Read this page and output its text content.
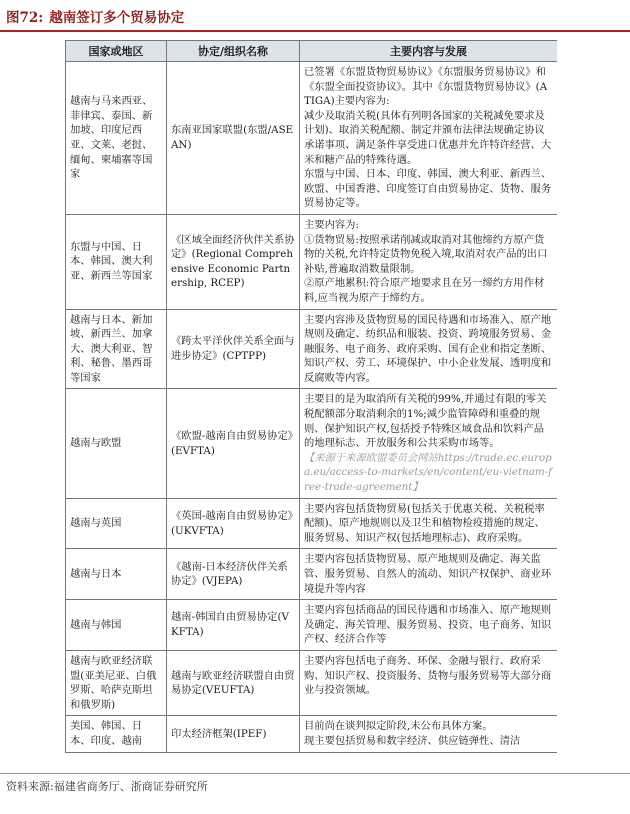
图72: 越南签订多个贸易协定
国家或地区	协定/组织名称	主要内容与发展
越南与马来西亚、菲律宾、泰国、新加坡、印度尼西亚、文莱、老挝、缅甸、柬埔寨等国家	东南亚国家联盟(东盟/ASEAN)	已签署《东盟货物贸易协议》《东盟服务贸易协议》和《东盟全面投资协议》。其中《东盟货物贸易协议》(ATIGA)主要内容为:

减少及取消关税(具体有列明各国家的关税减免要求及计划)、取消关税配额、制定并颁布法律法规确定协议承诺事项、满足条件享受进口优惠并允许特许经营、大米和糖产品的特殊待遇。

东盟与中国、日本、印度、韩国、澳大利亚、新西兰、欧盟、中国香港、印度签订自由贸易协定、货物、服务贸易协定等。

东盟与中国、日本、韩国、澳大利亚、新西兰等国家	《区域全面经济伙伴关系协定》(Regional Comprehensive Economic Partnership, RCEP)	主要内容为:

①货物贸易:按照承诺削减或取消对其他缔约方原产货物的关税,允许特定货物免税入境,取消对农产品的出口补贴,普遍取消数量限制。

②原产地累积:符合原产地要求且在另一缔约方用作材料,应当视为原产于缔约方。

越南与日本、新加坡、新西兰、加拿大、澳大利亚、智利、秘鲁、墨西哥等国家	《跨太平洋伙伴关系全面与进步协定》(CPTPP)	主要内容涉及货物贸易的国民待遇和市场准入、原产地规则及确定、纺织品和服装、投资、跨境服务贸易、金融服务、电子商务、政府采购、国有企业和指定垄断、知识产权、劳工、环境保护、中小企业发展、透明度和反腐败等内容。

越南与欧盟	《欧盟-越南自由贸易协定》(EVFTA)	主要目的是为取消所有关税的99%,并通过有限的零关税配额部分取消剩余的1%;减少监管障碍和重叠的规则、保护知识产权,包括授予特殊区域食品和饮料产品的地理标志、开放服务和公共采购市场等。

【来源于来源欧盟委员会网站https://trade.ec.europa.eu/access-to-markets/en/content/eu-vietnam-free-trade-agreement】

越南与英国	《英国-越南自由贸易协定》(UKVFTA)	主要内容包括货物贸易(包括关于优惠关税、关税税率配额)、原产地规则以及卫生和植物检疫措施的规定、服务贸易、知识产权(包括地理标志)、政府采购。

越南与日本	《越南-日本经济伙伴关系协定》(VJEPA)	主要内容包括货物贸易、原产地规则及确定、海关监管、服务贸易、自然人的流动、知识产权保护、商业环境提升等内容

越南与韩国	越南-韩国自由贸易协定(VKFTA)	主要内容包括商品的国民待遇和市场准入、原产地规则及确定、海关管理、服务贸易、投资、电子商务、知识产权、经济合作等

越南与欧亚经济联盟(亚美尼亚、白俄罗斯、哈萨克斯坦和俄罗斯)	越南与欧亚经济联盟自由贸易协定(VEUFTA)	主要内容包括电子商务、环保、金融与银行、政府采购、知识产权、投资服务、货物与服务贸易等大部分商业与投资领域。

美国、韩国、日本、印度、越南	印太经济框架(IPEF)	目前尚在谈判拟定阶段,未公布具体方案。

现主要包括贸易和数字经济、供应链弹性、清洁

资料来源:福建省商务厅、浙商证券研究所
